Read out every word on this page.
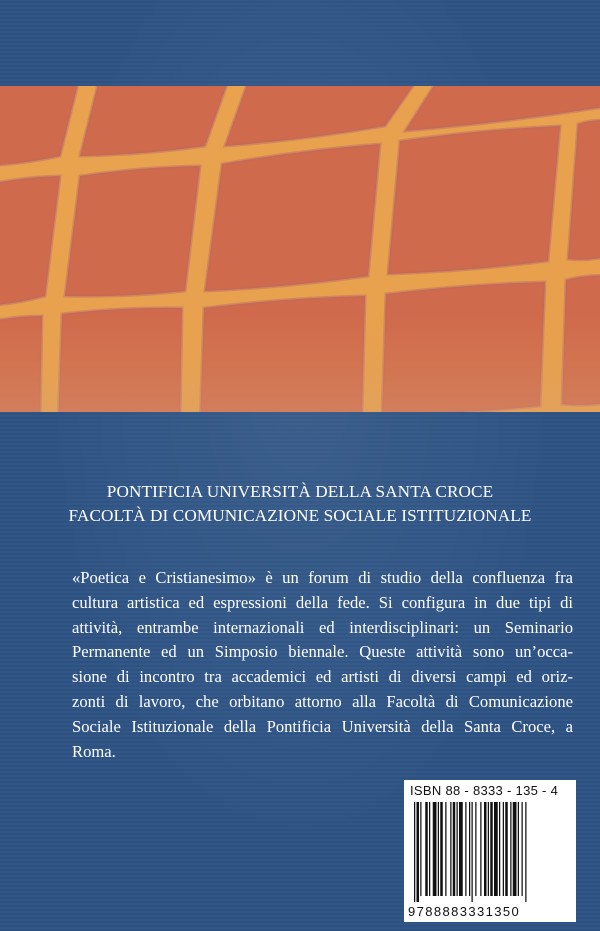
PONTIFICIA UNIVERSITÀ DELLA SANTA CROCE
FACOLTÀ DI COMUNICAZIONE SOCIALE ISTITUZIONALE
«Poetica e Cristianesimo» è un forum di studio della confluenza fra
cultura artistica ed espressioni della fede. Si configura in due tipi di
attività, entrambe internazionali ed interdisciplinari: un Seminario
Permanente ed un Simposio biennale. Queste attività sono un’occa-
sione di incontro tra accademici ed artisti di diversi campi ed oriz-
zonti di lavoro, che orbitano attorno alla Facoltà di Comunicazione
Sociale Istituzionale della Pontificia Università della Santa Croce, a
Roma.
ISBN 88 - 8333 - 135 - 4
9788883331350
